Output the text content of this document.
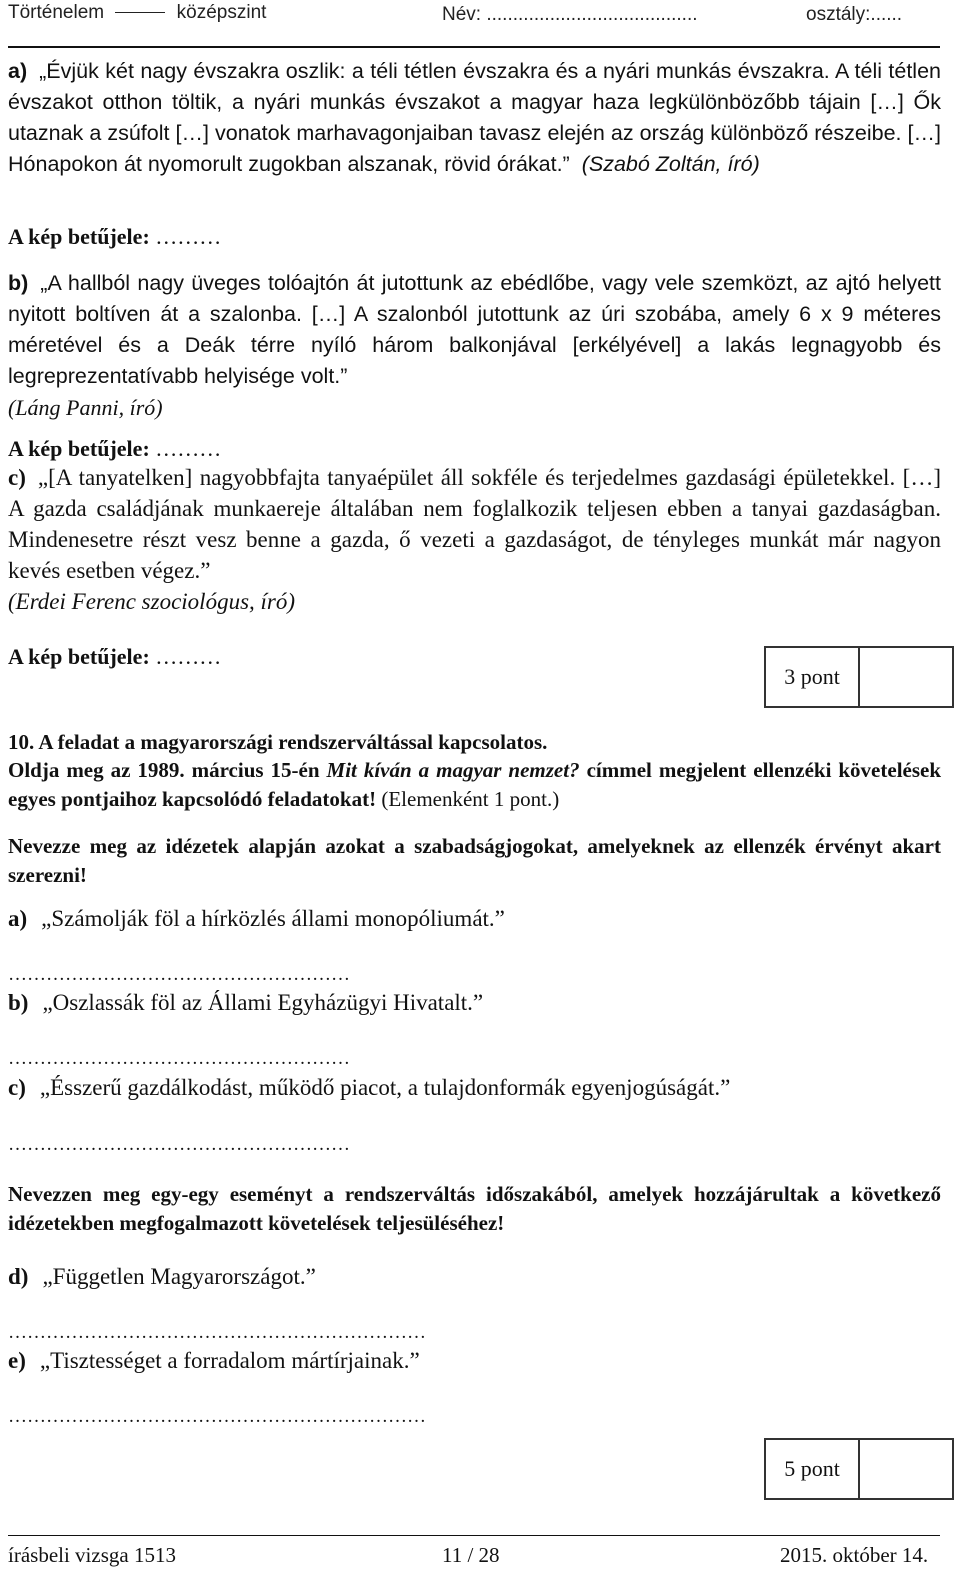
Történelem	középszint	Név: ........................................	osztály:......
a) „Évjük két nagy évszakra oszlik: a téli tétlen évszakra és a nyári munkás évszakra. A téli tétlen évszakot otthon töltik, a nyári munkás évszakot a magyar haza legkülönbözőbb tájain […] Ők utaznak a zsúfolt […] vonatok marhavagonjaiban tavasz elején az ország különböző részeibe. […] Hónapokon át nyomorult zugokban alszanak, rövid órákat.” (Szabó Zoltán, író)
A kép betűjele: ………
b) „A hallból nagy üveges tolóajtón át jutottunk az ebédlőbe, vagy vele szemközt, az ajtó helyett nyitott boltíven át a szalonba. […] A szalonból jutottunk az úri szobába, amely 6 x 9 méteres méretével és a Deák térre nyíló három balkonjával [erkélyével] a lakás legnagyobb és legreprezentatívabb helyisége volt.”
(Láng Panni, író)
A kép betűjele: ………
c) „[A tanyatelken] nagyobbfajta tanyaépület áll sokféle és terjedelmes gazdasági épületekkel. […] A gazda családjának munkaereje általában nem foglalkozik teljesen ebben a tanyai gazdaságban. Mindenesetre részt vesz benne a gazda, ő vezeti a gazdaságot, de tényleges munkát már nagyon kevés esetben végez.”
(Erdei Ferenc szociológus, író)
A kép betűjele: ………
3 pont
10. A feladat a magyarországi rendszerváltással kapcsolatos.
Oldja meg az 1989. március 15-én Mit kíván a magyar nemzet? címmel megjelent ellenzéki követelések egyes pontjaihoz kapcsolódó feladatokat! (Elemenként 1 pont.)
Nevezze meg az idézetek alapján azokat a szabadságjogokat, amelyeknek az ellenzék érvényt akart szerezni!
a) „Számolják föl a hírközlés állami monopóliumát.”
………………………………………………
b) „Oszlassák föl az Állami Egyházügyi Hivatalt.”
………………………………………………
c) „Ésszerű gazdálkodást, működő piacot, a tulajdonformák egyenjogúságát.”
………………………………………………
Nevezzen meg egy-egy eseményt a rendszerváltás időszakából, amelyek hozzájárultak a következő idézetekben megfogalmazott követelések teljesüléséhez!
d) „Független Magyarországot.”
…………………………………………………………
e) „Tisztességet a forradalom mártírjainak.”
…………………………………………………………
5 pont
írásbeli vizsga 1513	11 / 28	2015. október 14.
